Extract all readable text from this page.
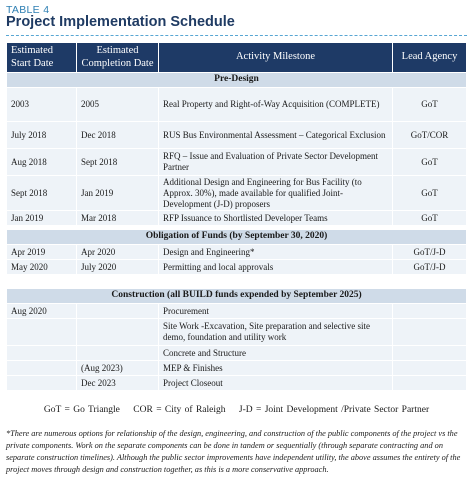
TABLE 4
Project Implementation Schedule
Estimated Start Date	Estimated Completion Date	Activity Milestone	Lead Agency
Pre-Design			
2003	2005	Real Property and Right-of-Way Acquisition (COMPLETE)	GoT
July 2018	Dec 2018	RUS Bus Environmental Assessment – Categorical Exclusion	GoT/COR
Aug 2018	Sept 2018	RFQ – Issue and Evaluation of Private Sector Development Partner	GoT
Sept 2018	Jan 2019	Additional Design and Engineering for Bus Facility (to Approx. 30%), made available for qualified Joint-Development (J-D) proposers	GoT
Jan 2019	Mar 2018	RFP Issuance to Shortlisted Developer Teams	GoT
Obligation of Funds (by September 30, 2020)			
Apr 2019	Apr 2020	Design and Engineering*	GoT/J-D
May 2020	July 2020	Permitting and local approvals	GoT/J-D
Construction (all BUILD funds expended by September 2025)			
Aug 2020		Procurement	
		Site Work -Excavation, Site preparation and selective site demo, foundation and utility work	
		Concrete and Structure	
	(Aug 2023)	MEP & Finishes	
	Dec 2023	Project Closeout	
GoT = Go Triangle COR = City of Raleigh J-D = Joint Development /Private Sector Partner
*There are numerous options for relationship of the design, engineering, and construction of the public components of the project vs the private components. Work on the separate components can be done in tandem or sequentially (through separate contracting and on separate construction timelines). Although the public sector improvements have independent utility, the above assumes the entirety of the project moves through design and construction together, as this is a more conservative approach.
